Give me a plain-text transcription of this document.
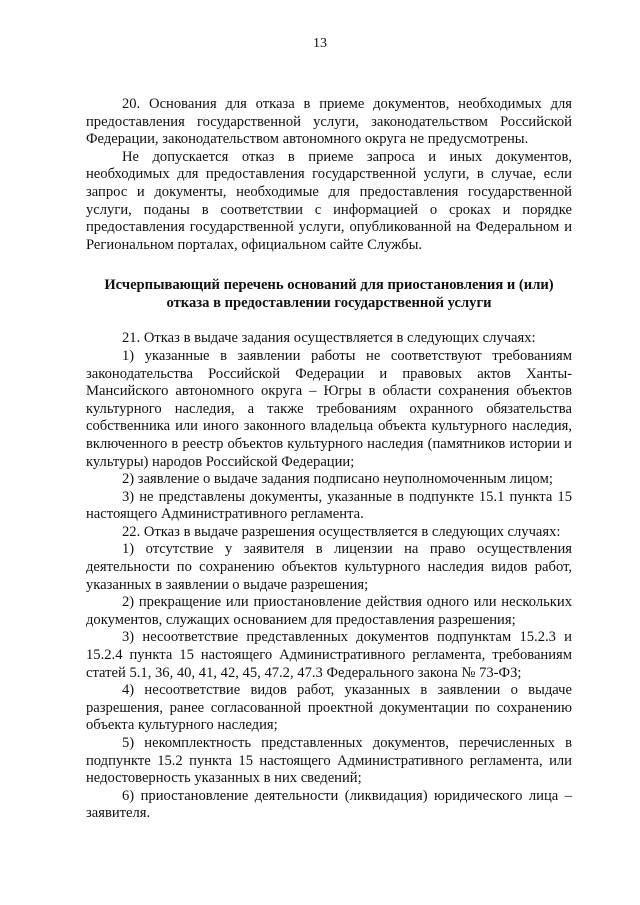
13

20. Основания для отказа в приеме документов, необходимых для предоставления государственной услуги, законодательством Российской Федерации, законодательством автономного округа не предусмотрены.

Не допускается отказ в приеме запроса и иных документов, необходимых для предоставления государственной услуги, в случае, если запрос и документы, необходимые для предоставления государственной услуги, поданы в соответствии с информацией о сроках и порядке предоставления государственной услуги, опубликованной на Федеральном и Региональном порталах, официальном сайте Службы.

Исчерпывающий перечень оснований для приостановления и (или)
отказа в предоставлении государственной услуги

21. Отказ в выдаче задания осуществляется в следующих случаях:

1) указанные в заявлении работы не соответствуют требованиям законодательства Российской Федерации и правовых актов Ханты-Мансийского автономного округа – Югры в области сохранения объектов культурного наследия, а также требованиям охранного обязательства собственника или иного законного владельца объекта культурного наследия, включенного в реестр объектов культурного наследия (памятников истории и культуры) народов Российской Федерации;

2) заявление о выдаче задания подписано неуполномоченным лицом;

3) не представлены документы, указанные в подпункте 15.1 пункта 15 настоящего Административного регламента.

22. Отказ в выдаче разрешения осуществляется в следующих случаях:

1) отсутствие у заявителя в лицензии на право осуществления деятельности по сохранению объектов культурного наследия видов работ, указанных в заявлении о выдаче разрешения;

2) прекращение или приостановление действия одного или нескольких документов, служащих основанием для предоставления разрешения;

3) несоответствие представленных документов подпунктам 15.2.3 и 15.2.4 пункта 15 настоящего Административного регламента, требованиям статей 5.1, 36, 40, 41, 42, 45, 47.2, 47.3 Федерального закона № 73-ФЗ;

4) несоответствие видов работ, указанных в заявлении о выдаче разрешения, ранее согласованной проектной документации по сохранению объекта культурного наследия;

5) некомплектность представленных документов, перечисленных в подпункте 15.2 пункта 15 настоящего Административного регламента, или недостоверность указанных в них сведений;

6) приостановление деятельности (ликвидация) юридического лица – заявителя.
